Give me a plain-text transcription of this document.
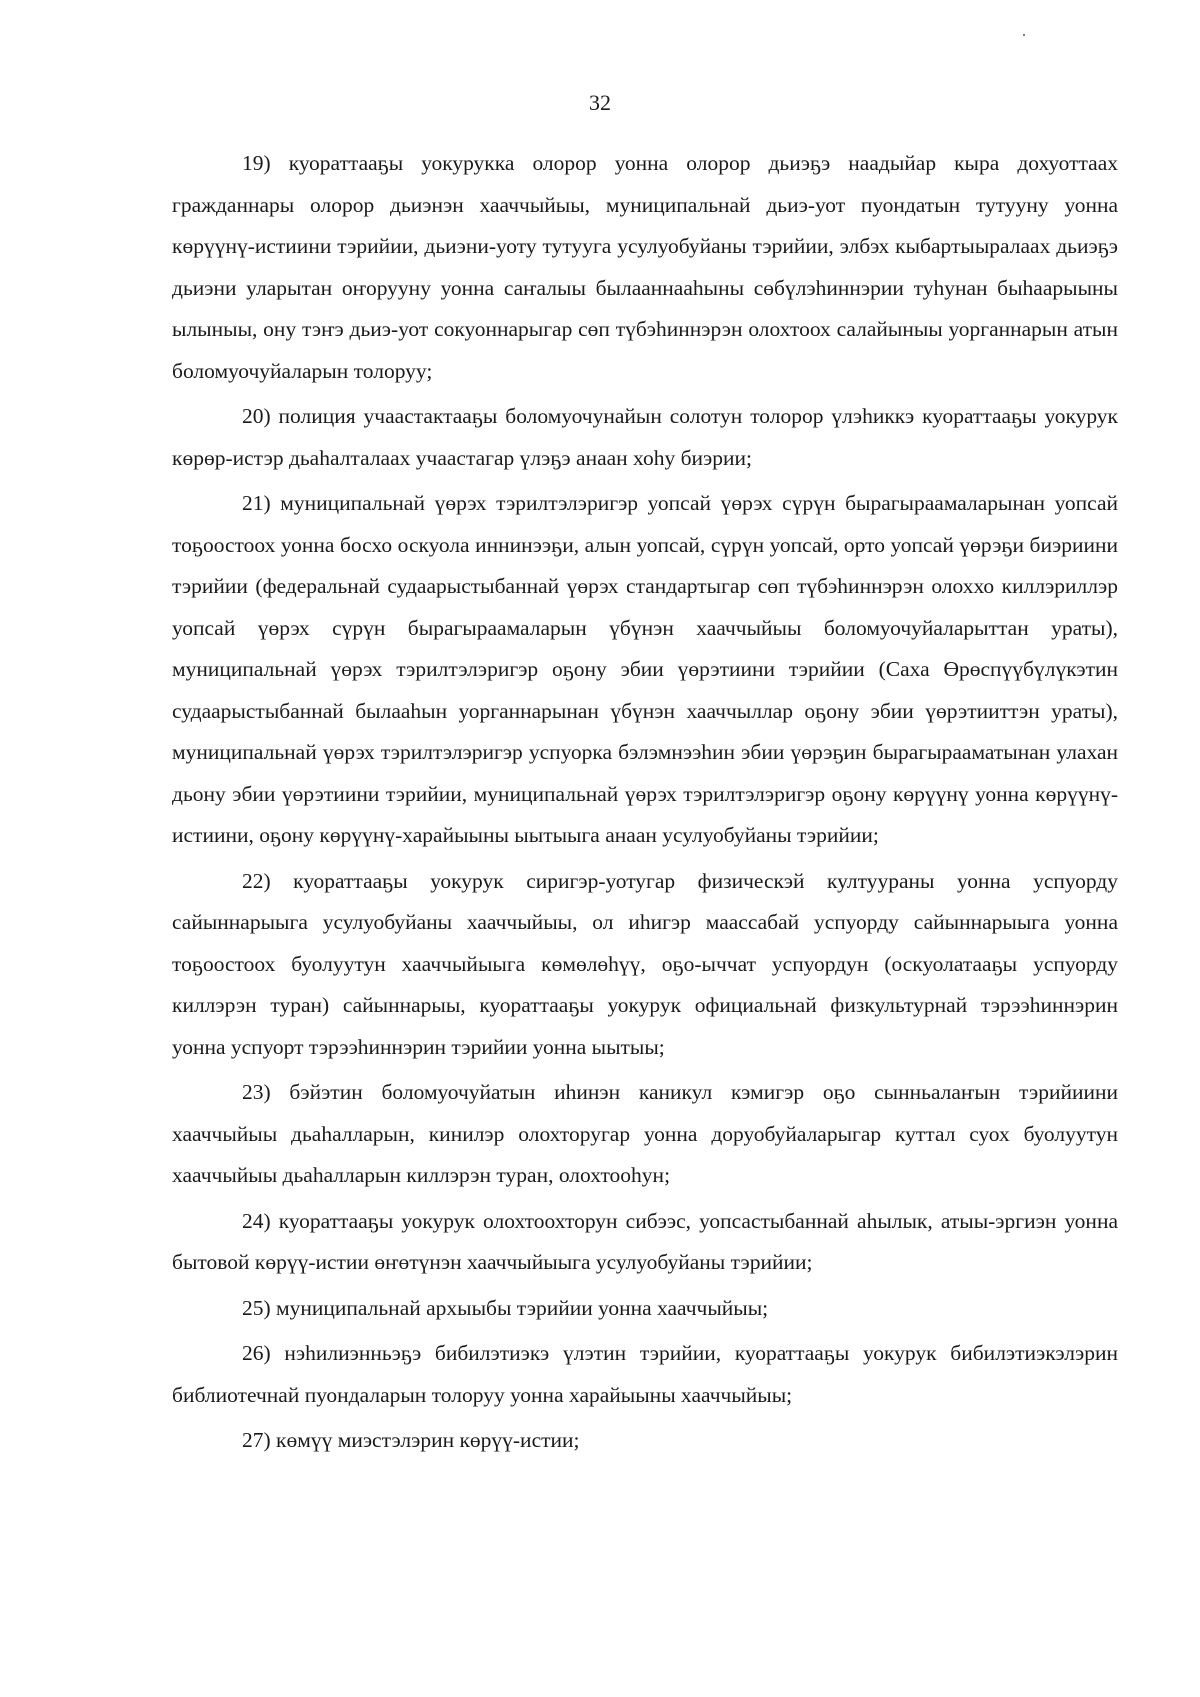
32

19) куораттааҕы уокурукка олорор уонна олорор дьиэҕэ наадыйар кыра дохуоттаах гражданнары олорор дьиэнэн хааччыйыы, муниципальнай дьиэ-уот пуондатын тутууну уонна көрүүнү-истиини тэрийии, дьиэни-уоту тутууга усулуобуйаны тэрийии, элбэх кыбартыыралаах дьиэҕэ дьиэни уларытан оҥорууну уонна саҥалыы былааннааһыны сөбүлэһиннэрии туһунан быһаарыыны ылыныы, ону тэҥэ дьиэ-уот сокуоннарыгар сөп түбэһиннэрэн олохтоох салайыныы уорганнарын атын боломуочуйаларын толоруу;

20) полиция учаастактааҕы боломуочунайын солотун толорор үлэһиккэ куораттааҕы уокурук көрөр-истэр дьаһалталаах учаастагар үлэҕэ анаан хоһу биэрии;

21) муниципальнай үөрэх тэрилтэлэригэр уопсай үөрэх сүрүн бырагыраамаларынан уопсай тоҕоостоох уонна босхо оскуола иннинээҕи, алын уопсай, сүрүн уопсай, орто уопсай үөрэҕи биэриини тэрийии (федеральнай судаарыстыбаннай үөрэх стандартыгар сөп түбэһиннэрэн олоххо киллэриллэр уопсай үөрэх сүрүн бырагыраамаларын үбүнэн хааччыйыы боломуочуйаларыттан ураты), муниципальнай үөрэх тэрилтэлэригэр оҕону эбии үөрэтиини тэрийии (Саха Өрөспүүбүлүкэтин судаарыстыбаннай былааһын уорганнарынан үбүнэн хааччыллар оҕону эбии үөрэтииттэн ураты), муниципальнай үөрэх тэрилтэлэригэр успуорка бэлэмнээһин эбии үөрэҕин бырагырааматынан улахан дьону эбии үөрэтиини тэрийии, муниципальнай үөрэх тэрилтэлэригэр оҕону көрүүнү уонна көрүүнү-истиини, оҕону көрүүнү-харайыыны ыытыыга анаан усулуобуйаны тэрийии;

22) куораттааҕы уокурук сиригэр-уотугар физическэй култуураны уонна успуорду сайыннарыыга усулуобуйаны хааччыйыы, ол иһигэр маассабай успуорду сайыннарыыга уонна тоҕоостоох буолуутун хааччыйыыга көмөлөһүү, оҕо-ыччат успуордун (оскуолатааҕы успуорду киллэрэн туран) сайыннарыы, куораттааҕы уокурук официальнай физкультурнай тэрээһиннэрин уонна успуорт тэрээһиннэрин тэрийии уонна ыытыы;

23) бэйэтин боломуочуйатын иһинэн каникул кэмигэр оҕо сынньалаҥын тэрийиини хааччыйыы дьаһалларын, кинилэр олохторугар уонна доруобуйаларыгар куттал суох буолуутун хааччыйыы дьаһалларын киллэрэн туран, олохтооһун;

24) куораттааҕы уокурук олохтоохторун сибээс, уопсастыбаннай аһылык, атыы-эргиэн уонна бытовой көрүү-истии өҥөтүнэн хааччыйыыга усулуобуйаны тэрийии;

25) муниципальнай архыыбы тэрийии уонна хааччыйыы;

26) нэһилиэнньэҕэ бибилэтиэкэ үлэтин тэрийии, куораттааҕы уокурук бибилэтиэкэлэрин библиотечнай пуондаларын толоруу уонна харайыыны хааччыйыы;

27) көмүү миэстэлэрин көрүү-истии;
